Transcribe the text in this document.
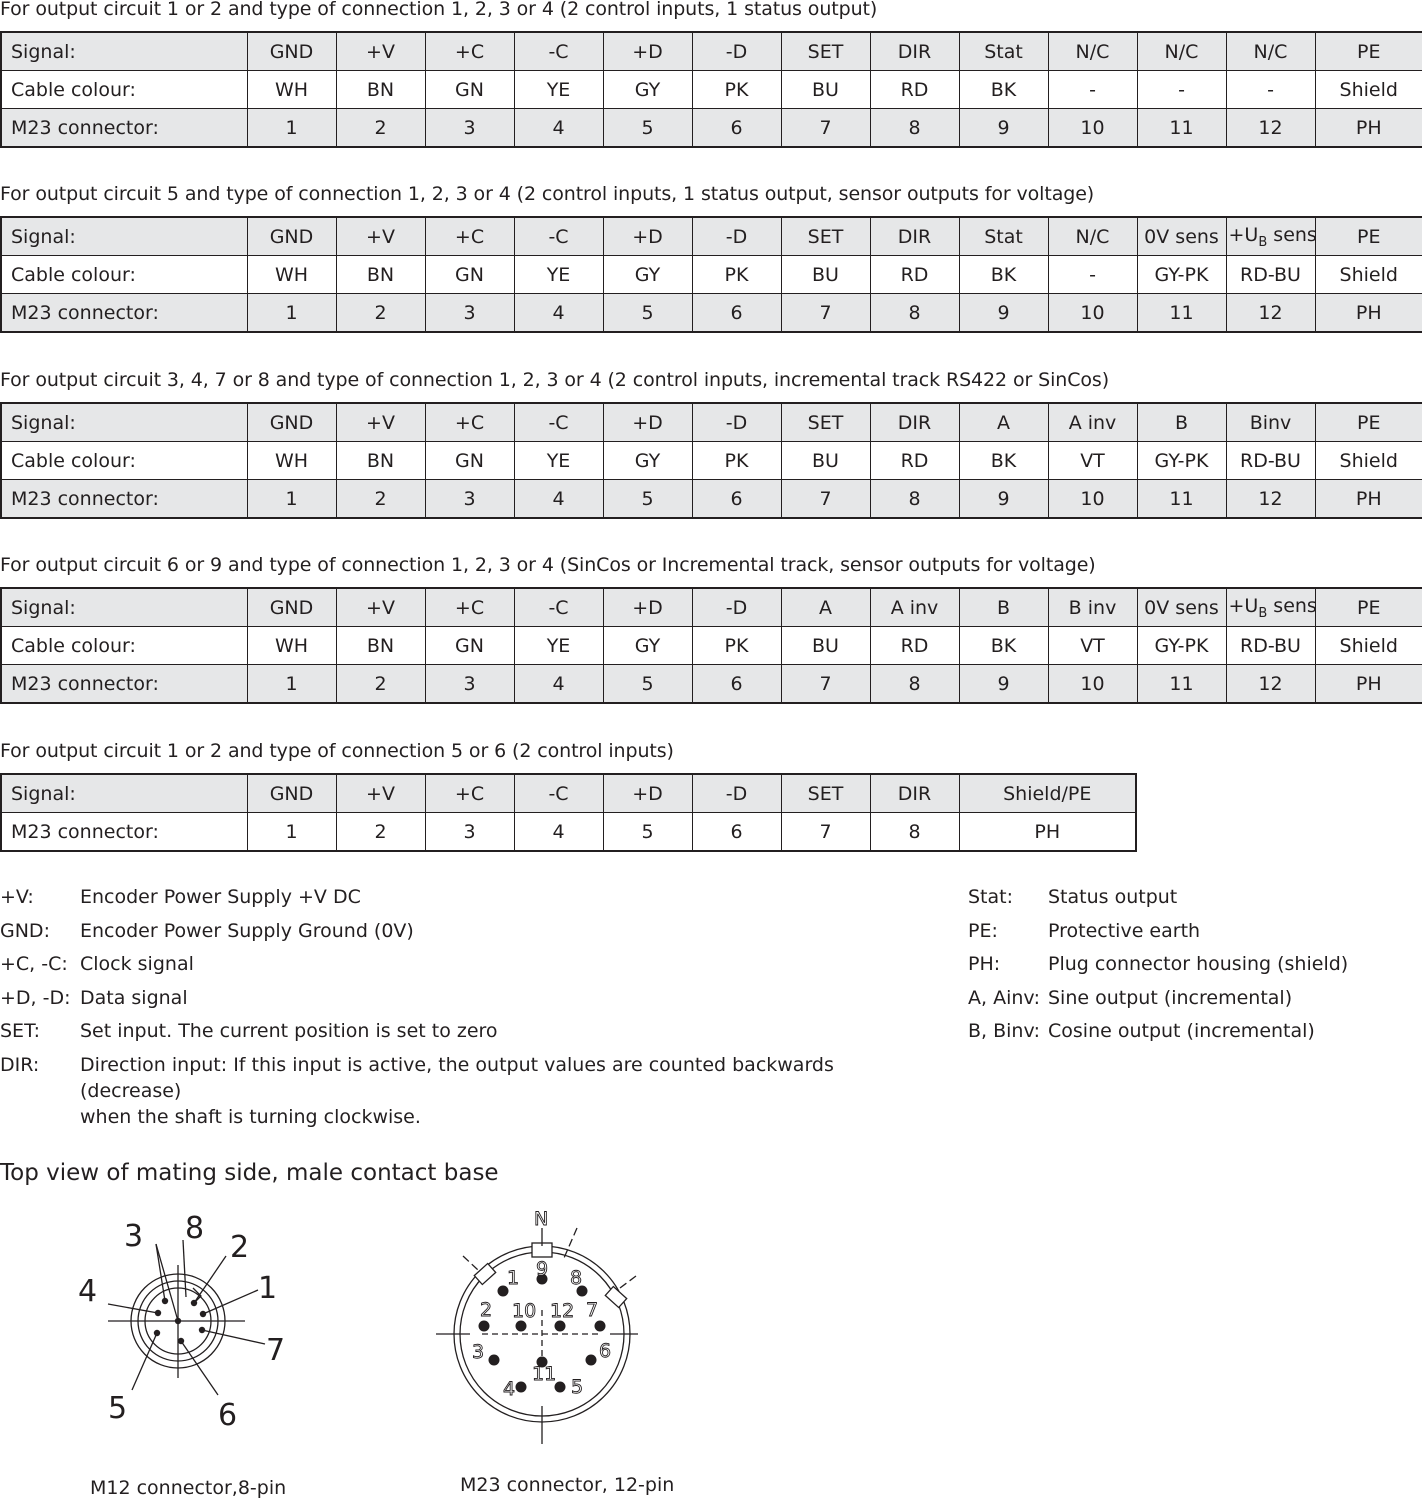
For output circuit 1 or 2 and type of connection 1, 2, 3 or 4 (2 control inputs, 1 status output)
Signal:	GND	+V	+C	-C	+D	-D	SET	DIR	Stat	N/C	N/C	N/C	PE
Cable colour:	WH	BN	GN	YE	GY	PK	BU	RD	BK	-	-	-	Shield
M23 connector:	1	2	3	4	5	6	7	8	9	10	11	12	PH
For output circuit 5 and type of connection 1, 2, 3 or 4 (2 control inputs, 1 status output, sensor outputs for voltage)
Signal:	GND	+V	+C	-C	+D	-D	SET	DIR	Stat	N/C	0V sens	$+U_B$ sens	PE
Cable colour:	WH	BN	GN	YE	GY	PK	BU	RD	BK	-	GY-PK	RD-BU	Shield
M23 connector:	1	2	3	4	5	6	7	8	9	10	11	12	PH
For output circuit 3, 4, 7 or 8 and type of connection 1, 2, 3 or 4 (2 control inputs, incremental track RS422 or SinCos)
Signal:	GND	+V	+C	-C	+D	-D	SET	DIR	A	A inv	B	Binv	PE
Cable colour:	WH	BN	GN	YE	GY	PK	BU	RD	BK	VT	GY-PK	RD-BU	Shield
M23 connector:	1	2	3	4	5	6	7	8	9	10	11	12	PH
For output circuit 6 or 9 and type of connection 1, 2, 3 or 4 (SinCos or Incremental track, sensor outputs for voltage)
Signal:	GND	+V	+C	-C	+D	-D	A	A inv	B	B inv	0V sens	$+U_B$ sens	PE
Cable colour:	WH	BN	GN	YE	GY	PK	BU	RD	BK	VT	GY-PK	RD-BU	Shield
M23 connector:	1	2	3	4	5	6	7	8	9	10	11	12	PH
For output circuit 1 or 2 and type of connection 5 or 6 (2 control inputs)
Signal:	GND	+V	+C	-C	+D	-D	SET	DIR	Shield/PE
M23 connector:	1	2	3	4	5	6	7	8	PH
+V:	Encoder Power Supply +V DC
GND:	Encoder Power Supply Ground (0V)
+C, -C: Clock signal
+D, -D: Data signal
SET:	Set input. The current position is set to zero
DIR:	Direction input: If this input is active, the output values are counted backwards (decrease)
when the shaft is turning clockwise.
Stat:	Status output
PE:	Protective earth
PH:	Plug connector housing (shield)
A, Ainv: Sine output (incremental)
B, Binv: Cosine output (incremental)
Top view of mating side, male contact base
1
2
3
4
5	6
7
8
M12 connector,8-pin
N
1
2
3
4	5
6
7
8
9
10
11
12
M23 connector, 12-pin
